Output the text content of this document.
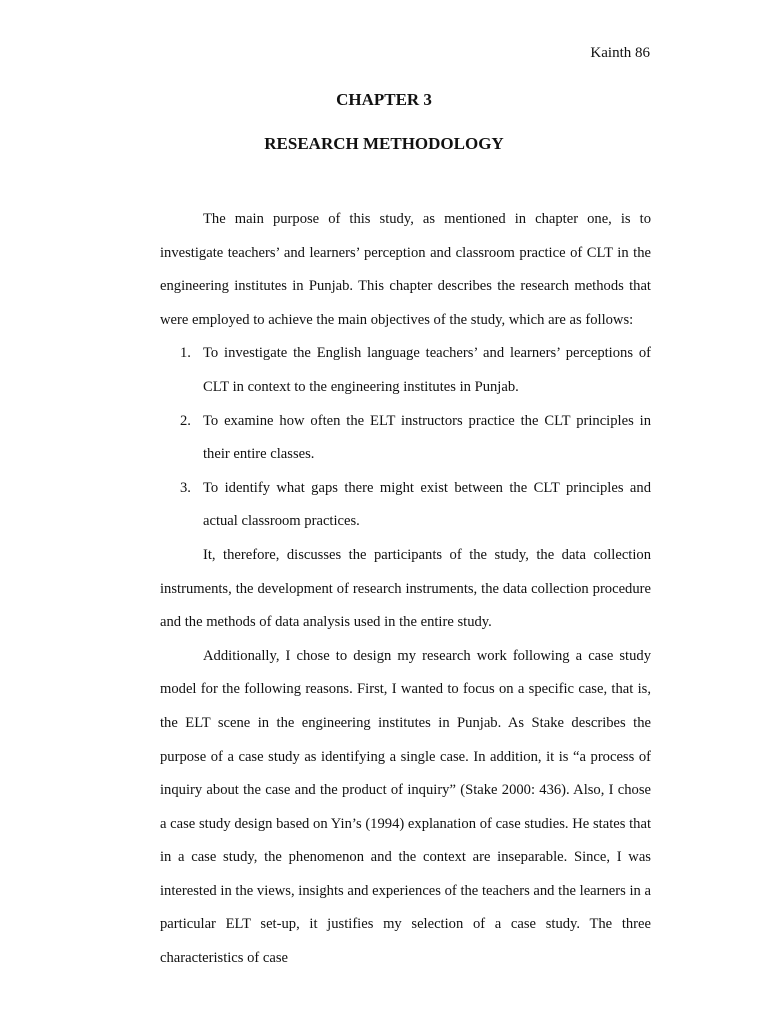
Kainth 86
CHAPTER 3
RESEARCH METHODOLOGY

The main purpose of this study, as mentioned in chapter one, is to investigate teachers’ and learners’ perception and classroom practice of CLT in the engineering institutes in Punjab. This chapter describes the research methods that were employed to achieve the main objectives of the study, which are as follows:

1. To investigate the English language teachers’ and learners’ perceptions of CLT in context to the engineering institutes in Punjab.
2. To examine how often the ELT instructors practice the CLT principles in their entire classes.
3. To identify what gaps there might exist between the CLT principles and actual classroom practices.

It, therefore, discusses the participants of the study, the data collection instruments, the development of research instruments, the data collection procedure and the methods of data analysis used in the entire study.

Additionally, I chose to design my research work following a case study model for the following reasons. First, I wanted to focus on a specific case, that is, the ELT scene in the engineering institutes in Punjab. As Stake describes the purpose of a case study as identifying a single case. In addition, it is “a process of inquiry about the case and the product of inquiry” (Stake 2000: 436). Also, I chose a case study design based on Yin’s (1994) explanation of case studies. He states that in a case study, the phenomenon and the context are inseparable. Since, I was interested in the views, insights and experiences of the teachers and the learners in a particular ELT set-up, it justifies my selection of a case study. The three characteristics of case
